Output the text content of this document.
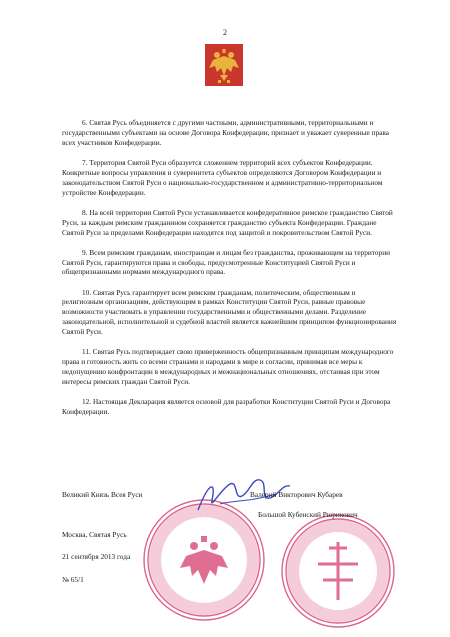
2

6. Святая Русь объединяется с другими частными, административными, территориальными и государственными субъектами на основе Договора Конфедерации, признает и уважает суверенные права всех участников Конфедерации.

7. Территория Святой Руси образуется сложением территорий всех субъектов Конфедерации. Конкретные вопросы управления и суверенитета субъектов определяются Договором Конфедерации и законодательством Святой Руси о национально-государственном и административно-территориальном устройстве Конфедерации.

8. На всей территории Святой Руси устанавливается конфедеративное римское гражданство Святой Руси, за каждым римским гражданином сохраняется гражданство субъекта Конфедерации. Граждане Святой Руси за пределами Конфедерации находятся под защитой и покровительством Святой Руси.

9. Всем римским гражданам, иностранцам и лицам без гражданства, проживающим на территории Святой Руси, гарантируются права и свободы, предусмотренные Конституцией Святой Руси и общепризнанными нормами международного права.

10. Святая Русь гарантирует всем римским гражданам, политическим, общественным и религиозным организациям, действующим в рамках Конституции Святой Руси, равные правовые возможности участвовать в управлении государственными и общественными делами. Разделение законодательной, исполнительной и судебной властей является важнейшим принципом функционирования Святой Руси.

11. Святая Русь подтверждает свою приверженность общепризнанным принципам международного права и готовность жить со всеми странами и народами в мире и согласии, принимая все меры к недопущению конфронтации в международных и межнациональных отношениях, отстаивая при этом интересы римских граждан Святой Руси.

12. Настоящая Декларация является основой для разработки Конституции Святой Руси и Договора Конфедерации.

Великий Князь Всея Руси	Валерий Викторович Кубарев
Большой Кубенский Рюрикович
Москва, Святая Русь
21 сентября 2013 года
№ 65/1
